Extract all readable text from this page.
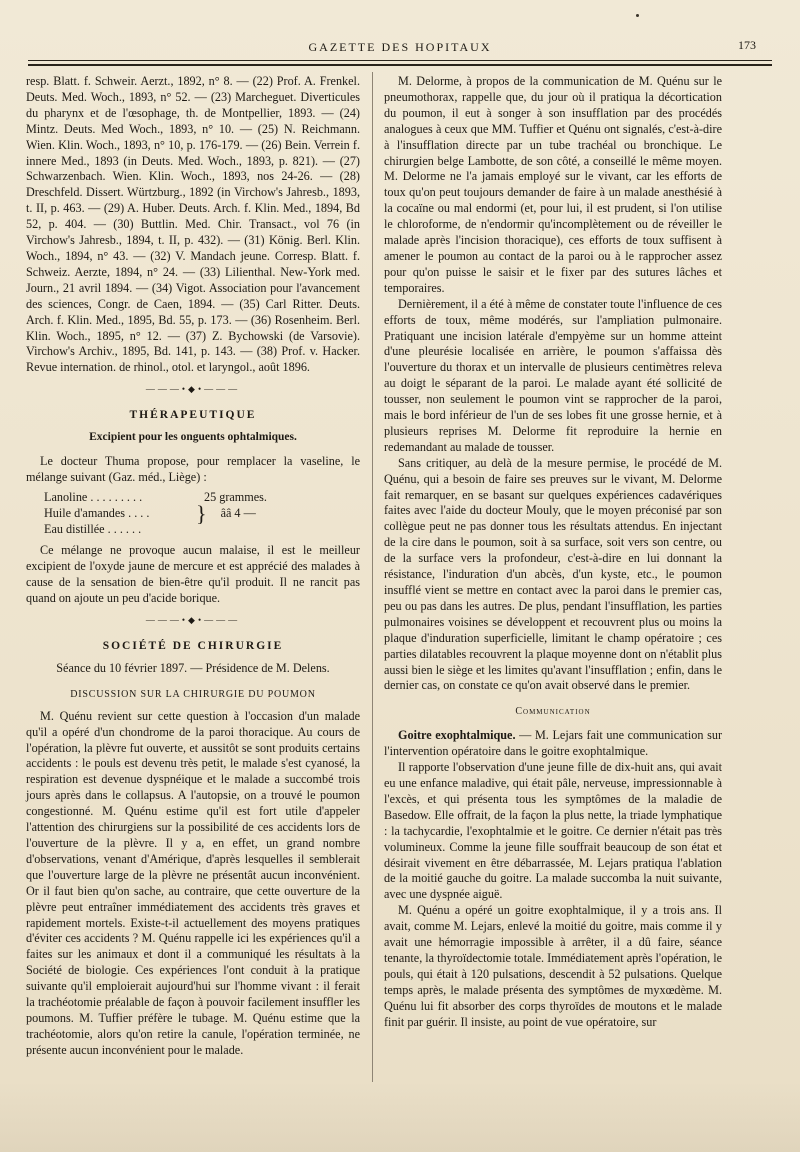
GAZETTE DES HOPITAUX	173

resp. Blatt. f. Schweir. Aerzt., 1892, n° 8. — (22) Prof. A. Frenkel. Deuts. Med. Woch., 1893, n° 52. — (23) Marcheguet. Diverticules du pharynx et de l'œsophage, th. de Montpellier, 1893. — (24) Mintz. Deuts. Med Woch., 1893, n° 10. — (25) N. Reichmann. Wien. Klin. Woch., 1893, n° 10, p. 176-179. — (26) Bein. Verrein f. innere Med., 1893 (in Deuts. Med. Woch., 1893, p. 821). — (27) Schwarzenbach. Wien. Klin. Woch., 1893, nos 24-26. — (28) Dreschfeld. Dissert. Würtzburg., 1892 (in Virchow's Jahresb., 1893, t. II, p. 463. — (29) A. Huber. Deuts. Arch. f. Klin. Med., 1894, Bd 52, p. 404. — (30) Buttlin. Med. Chir. Transact., vol 76 (in Virchow's Jahresb., 1894, t. II, p. 432). — (31) König. Berl. Klin. Woch., 1894, n° 43. — (32) V. Mandach jeune. Corresp. Blatt. f. Schweiz. Aerzte, 1894, n° 24. — (33) Lilienthal. New-York med. Journ., 21 avril 1894. — (34) Vigot. Association pour l'avancement des sciences, Congr. de Caen, 1894. — (35) Carl Ritter. Deuts. Arch. f. Klin. Med., 1895, Bd. 55, p. 173. — (36) Rosenheim. Berl. Klin. Woch., 1895, n° 12. — (37) Z. Bychowski (de Varsovie). Virchow's Archiv., 1895, Bd. 141, p. 143. — (38) Prof. v. Hacker. Revue internation. de rhinol., otol. et laryngol., août 1896.

———•◆•———
THÉRAPEUTIQUE
Excipient pour les onguents ophtalmiques.

Le docteur Thuma propose, pour remplacer la vaseline, le mélange suivant (Gaz. méd., Liège) :

Lanoline . . . . . . . . .	25 grammes.
Huile d'amandes . . . .	} ââ 4 —
Eau distillée . . . . . .

Ce mélange ne provoque aucun malaise, il est le meilleur excipient de l'oxyde jaune de mercure et est apprécié des malades à cause de la sensation de bien-être qu'il produit. Il ne rancit pas quand on ajoute un peu d'acide borique.

———•◆•———
SOCIÉTÉ DE CHIRURGIE
Séance du 10 février 1897. — Présidence de M. Delens.
DISCUSSION SUR LA CHIRURGIE DU POUMON

M. Quénu revient sur cette question à l'occasion d'un malade qu'il a opéré d'un chondrome de la paroi thoracique. Au cours de l'opération, la plèvre fut ouverte, et aussitôt se sont produits certains accidents : le pouls est devenu très petit, le malade s'est cyanosé, la respiration est devenue dyspnéique et le malade a succombé trois jours après dans le collapsus. A l'autopsie, on a trouvé le poumon congestionné. M. Quénu estime qu'il est fort utile d'appeler l'attention des chirurgiens sur la possibilité de ces accidents lors de l'ouverture de la plèvre. Il y a, en effet, un grand nombre d'observations, venant d'Amérique, d'après lesquelles il semblerait que l'ouverture large de la plèvre ne présentât aucun inconvénient. Or il faut bien qu'on sache, au contraire, que cette ouverture de la plèvre peut entraîner immédiatement des accidents très graves et rapidement mortels. Existe-t-il actuellement des moyens pratiques d'éviter ces accidents ? M. Quénu rappelle ici les expériences qu'il a faites sur les animaux et dont il a communiqué les résultats à la Société de biologie. Ces expériences l'ont conduit à la pratique suivante qu'il emploierait aujourd'hui sur l'homme vivant : il ferait la trachéotomie préalable de façon à pouvoir facilement insuffler les poumons. M. Tuffier préfère le tubage. M. Quénu estime que la trachéotomie, alors qu'on retire la canule, l'opération terminée, ne présente aucun inconvénient pour le malade.

M. Delorme, à propos de la communication de M. Quénu sur le pneumothorax, rappelle que, du jour où il pratiqua la décortication du poumon, il eut à songer à son insufflation par des procédés analogues à ceux que MM. Tuffier et Quénu ont signalés, c'est-à-dire à l'insufflation directe par un tube trachéal ou bronchique. Le chirurgien belge Lambotte, de son côté, a conseillé le même moyen. M. Delorme ne l'a jamais employé sur le vivant, car les efforts de toux qu'on peut toujours demander de faire à un malade anesthésié à la cocaïne ou mal endormi (et, pour lui, il est prudent, si l'on utilise le chloroforme, de n'endormir qu'incomplètement ou de réveiller le malade après l'incision thoracique), ces efforts de toux suffisent à amener le poumon au contact de la paroi ou à le rapprocher assez pour qu'on puisse le saisir et le fixer par des sutures lâches et temporaires.

Dernièrement, il a été à même de constater toute l'influence de ces efforts de toux, même modérés, sur l'ampliation pulmonaire. Pratiquant une incision latérale d'empyème sur un homme atteint d'une pleurésie localisée en arrière, le poumon s'affaissa dès l'ouverture du thorax et un intervalle de plusieurs centimètres releva au doigt le séparant de la paroi. Le malade ayant été sollicité de tousser, non seulement le poumon vint se rapprocher de la paroi, mais le bord inférieur de l'un de ses lobes fit une grosse hernie, et à plusieurs reprises M. Delorme fit reproduire la hernie en redemandant au malade de tousser.

Sans critiquer, au delà de la mesure permise, le procédé de M. Quénu, qui a besoin de faire ses preuves sur le vivant, M. Delorme fait remarquer, en se basant sur quelques expériences cadavériques faites avec l'aide du docteur Mouly, que le moyen préconisé par son collègue peut ne pas donner tous les résultats attendus. En injectant de la cire dans le poumon, soit à sa surface, soit vers son centre, ou de la surface vers la profondeur, c'est-à-dire en lui donnant la résistance, l'induration d'un abcès, d'un kyste, etc., le poumon insufflé vient se mettre en contact avec la paroi dans le premier cas, peu ou pas dans les autres. De plus, pendant l'insufflation, les parties pulmonaires voisines se développent et recouvrent plus ou moins la plaque d'induration superficielle, limitant le champ opératoire ; ces parties dilatables recouvrent la plaque moyenne dont on n'établit plus aussi bien le siège et les limites qu'avant l'insufflation ; enfin, dans le dernier cas, on constate ce qu'on avait observé dans le premier.

Communication

Goitre exophtalmique. — M. Lejars fait une communication sur l'intervention opératoire dans le goitre exophtalmique.

Il rapporte l'observation d'une jeune fille de dix-huit ans, qui avait eu une enfance maladive, qui était pâle, nerveuse, impressionnable à l'excès, et qui présenta tous les symptômes de la maladie de Basedow. Elle offrait, de la façon la plus nette, la triade lymphatique : la tachycardie, l'exophtalmie et le goitre. Ce dernier n'était pas très volumineux. Comme la jeune fille souffrait beaucoup de son état et désirait vivement en être débarrassée, M. Lejars pratiqua l'ablation de la moitié gauche du goitre. La malade succomba la nuit suivante, avec une dyspnée aiguë.

M. Quénu a opéré un goitre exophtalmique, il y a trois ans. Il avait, comme M. Lejars, enlevé la moitié du goitre, mais comme il y avait une hémorragie impossible à arrêter, il a dû faire, séance tenante, la thyroïdectomie totale. Immédiatement après l'opération, le pouls, qui était à 120 pulsations, descendit à 52 pulsations. Quelque temps après, le malade présenta des symptômes de myxœdème. M. Quénu lui fit absorber des corps thyroïdes de moutons et le malade finit par guérir. Il insiste, au point de vue opératoire, sur
